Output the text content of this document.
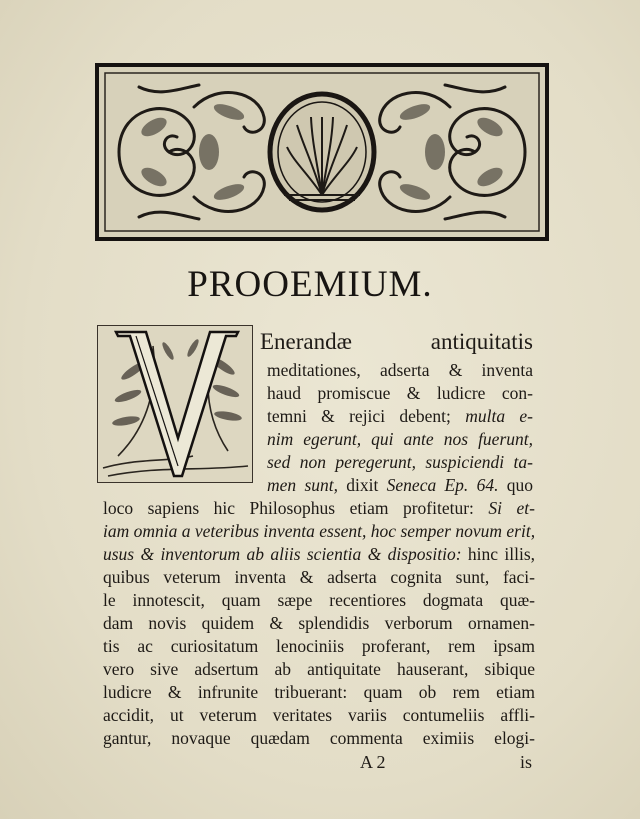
PROOEMIUM.
Enerandæ antiquitatis
meditationes, adserta & inventa
haud promiscue & ludicre con-
temni & rejici debent; multa e-
nim egerunt, qui ante nos fuerunt,
sed non peregerunt, suspiciendi ta-
men sunt, dixit Seneca Ep. 64. quo
loco sapiens hic Philosophus etiam profitetur: Si et-
iam omnia a veteribus inventa essent, hoc semper novum erit,
usus & inventorum ab aliis scientia & dispositio: hinc illis,
quibus veterum inventa & adserta cognita sunt, faci-
le innotescit, quam sæpe recentiores dogmata quæ-
dam novis quidem & splendidis verborum ornamen-
tis ac curiositatum lenociniis proferant, rem ipsam
vero sive adsertum ab antiquitate hauserant, sibique
ludicre & infrunite tribuerant: quam ob rem etiam
accidit, ut veterum veritates variis contumeliis affli-
gantur, novaque quædam commenta eximiis elogi-
A 2	is
